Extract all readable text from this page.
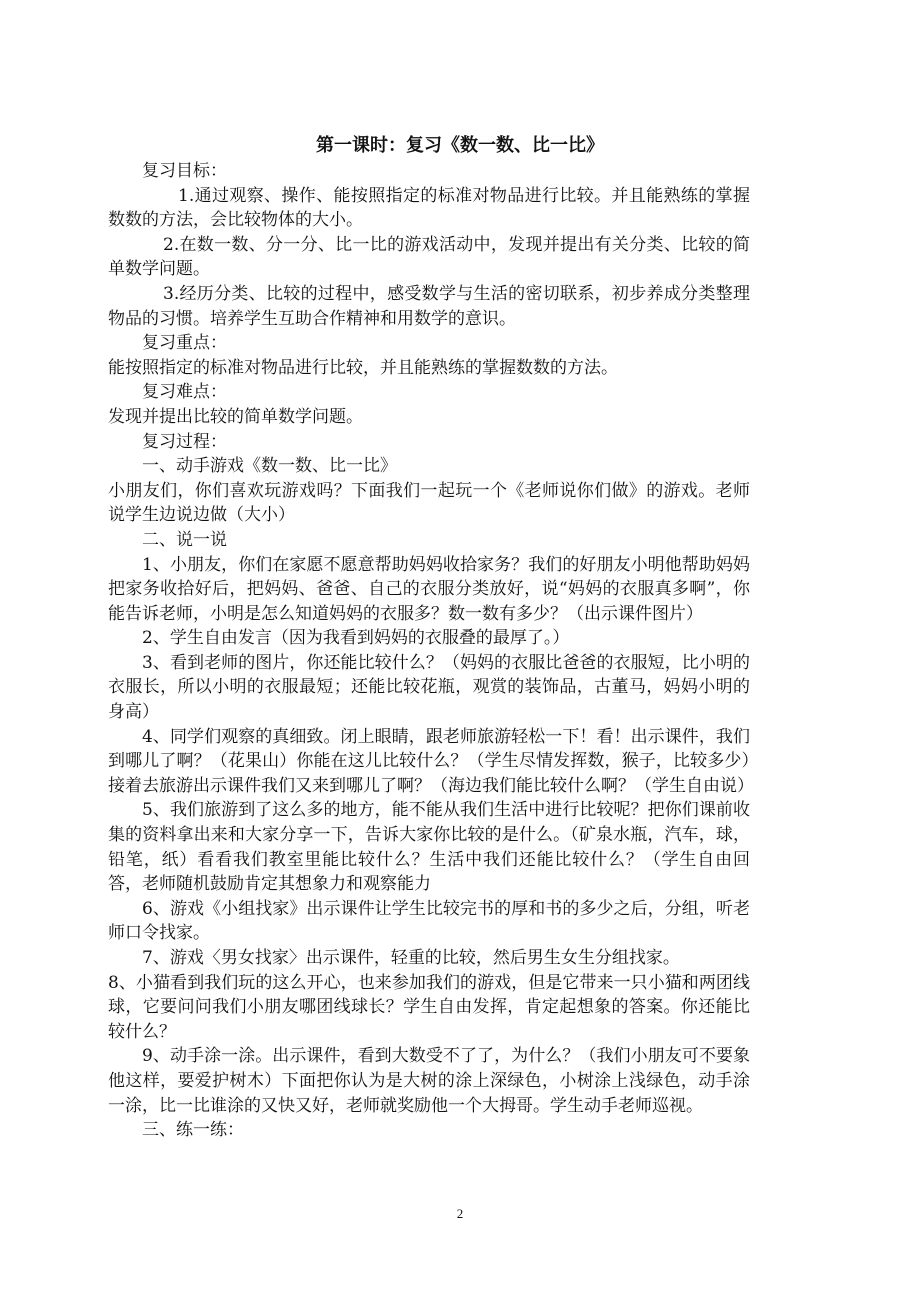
第一课时：复习《数一数、比一比》

复习目标：

1.通过观察、操作、能按照指定的标准对物品进行比较。并且能熟练的掌握数数的方法，会比较物体的大小。

2.在数一数、分一分、比一比的游戏活动中，发现并提出有关分类、比较的简单数学问题。

3.经历分类、比较的过程中，感受数学与生活的密切联系，初步养成分类整理物品的习惯。培养学生互助合作精神和用数学的意识。

复习重点：

能按照指定的标准对物品进行比较，并且能熟练的掌握数数的方法。

复习难点：

发现并提出比较的简单数学问题。

复习过程：

一、动手游戏《数一数、比一比》

小朋友们，你们喜欢玩游戏吗？下面我们一起玩一个《老师说你们做》的游戏。老师说学生边说边做（大小）

二、说一说

1、小朋友，你们在家愿不愿意帮助妈妈收拾家务？我们的好朋友小明他帮助妈妈把家务收拾好后，把妈妈、爸爸、自己的衣服分类放好，说“妈妈的衣服真多啊”，你能告诉老师，小明是怎么知道妈妈的衣服多？数一数有多少？（出示课件图片）

2、学生自由发言（因为我看到妈妈的衣服叠的最厚了。）

3、看到老师的图片，你还能比较什么？（妈妈的衣服比爸爸的衣服短，比小明的衣服长，所以小明的衣服最短；还能比较花瓶，观赏的装饰品，古董马，妈妈小明的身高）

4、同学们观察的真细致。闭上眼睛，跟老师旅游轻松一下！看！出示课件，我们到哪儿了啊？（花果山）你能在这儿比较什么？（学生尽情发挥数，猴子，比较多少）接着去旅游出示课件我们又来到哪儿了啊？（海边我们能比较什么啊？（学生自由说）

5、我们旅游到了这么多的地方，能不能从我们生活中进行比较呢？把你们课前收集的资料拿出来和大家分享一下，告诉大家你比较的是什么。（矿泉水瓶，汽车，球，铅笔，纸）看看我们教室里能比较什么？生活中我们还能比较什么？（学生自由回答，老师随机鼓励肯定其想象力和观察能力

6、游戏《小组找家》出示课件让学生比较完书的厚和书的多少之后，分组，听老师口令找家。

7、游戏〈男女找家〉出示课件，轻重的比较，然后男生女生分组找家。

8、小猫看到我们玩的这么开心，也来参加我们的游戏，但是它带来一只小猫和两团线球，它要问问我们小朋友哪团线球长？学生自由发挥，肯定起想象的答案。你还能比较什么？

9、动手涂一涂。出示课件，看到大数受不了了，为什么？（我们小朋友可不要象他这样，要爱护树木）下面把你认为是大树的涂上深绿色，小树涂上浅绿色，动手涂一涂，比一比谁涂的又快又好，老师就奖励他一个大拇哥。学生动手老师巡视。

三、练一练：

2
